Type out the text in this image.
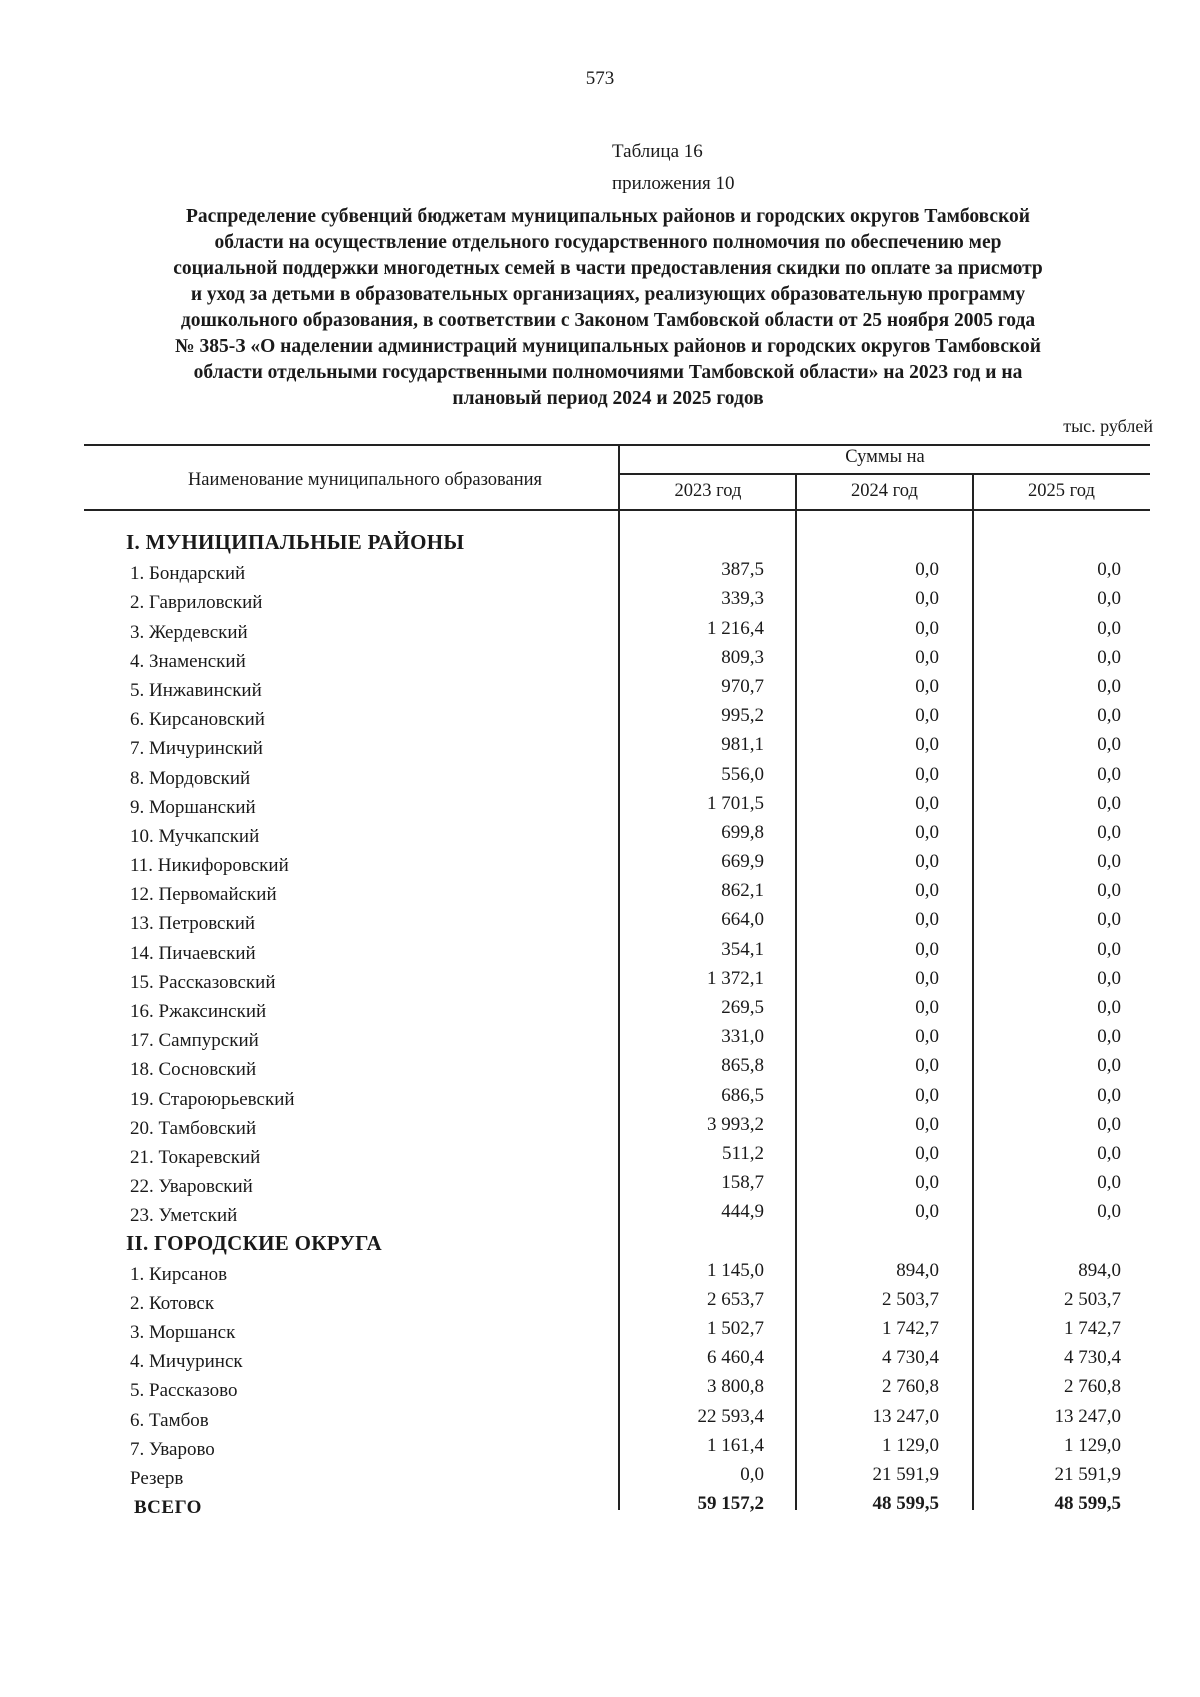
573
Таблица 16
приложения 10
Распределение субвенций бюджетам муниципальных районов и городских округов Тамбовской
области на осуществление отдельного государственного полномочия по обеспечению мер
социальной поддержки многодетных семей в части предоставления скидки по оплате за присмотр
и уход за детьми в образовательных организациях, реализующих образовательную программу
дошкольного образования, в соответствии с Законом Тамбовской области от 25 ноября 2005 года
№ 385-З «О наделении администраций муниципальных районов и городских округов Тамбовской
области отдельными государственными полномочиями Тамбовской области» на 2023 год и на
плановый период 2024 и 2025 годов
тыс. рублей
Наименование муниципального образования
Суммы на
2023 год	2024 год	2025 год
I. МУНИЦИПАЛЬНЫЕ РАЙОНЫ
1. Бондарский	387,5	0,0	0,0
2. Гавриловский	339,3	0,0	0,0
3. Жердевский	1 216,4	0,0	0,0
4. Знаменский	809,3	0,0	0,0
5. Инжавинский	970,7	0,0	0,0
6. Кирсановский	995,2	0,0	0,0
7. Мичуринский	981,1	0,0	0,0
8. Мордовский	556,0	0,0	0,0
9. Моршанский	1 701,5	0,0	0,0
10. Мучкапский	699,8	0,0	0,0
11. Никифоровский	669,9	0,0	0,0
12. Первомайский	862,1	0,0	0,0
13. Петровский	664,0	0,0	0,0
14. Пичаевский	354,1	0,0	0,0
15. Рассказовский	1 372,1	0,0	0,0
16. Ржаксинский	269,5	0,0	0,0
17. Сампурский	331,0	0,0	0,0
18. Сосновский	865,8	0,0	0,0
19. Староюрьевский	686,5	0,0	0,0
20. Тамбовский	3 993,2	0,0	0,0
21. Токаревский	511,2	0,0	0,0
22. Уваровский	158,7	0,0	0,0
23. Уметский	444,9	0,0	0,0
II. ГОРОДСКИЕ ОКРУГА
1. Кирсанов	1 145,0	894,0	894,0
2. Котовск	2 653,7	2 503,7	2 503,7
3. Моршанск	1 502,7	1 742,7	1 742,7
4. Мичуринск	6 460,4	4 730,4	4 730,4
5. Рассказово	3 800,8	2 760,8	2 760,8
6. Тамбов	22 593,4	13 247,0	13 247,0
7. Уварово	1 161,4	1 129,0	1 129,0
Резерв	0,0	21 591,9	21 591,9
ВСЕГО	59 157,2	48 599,5	48 599,5
